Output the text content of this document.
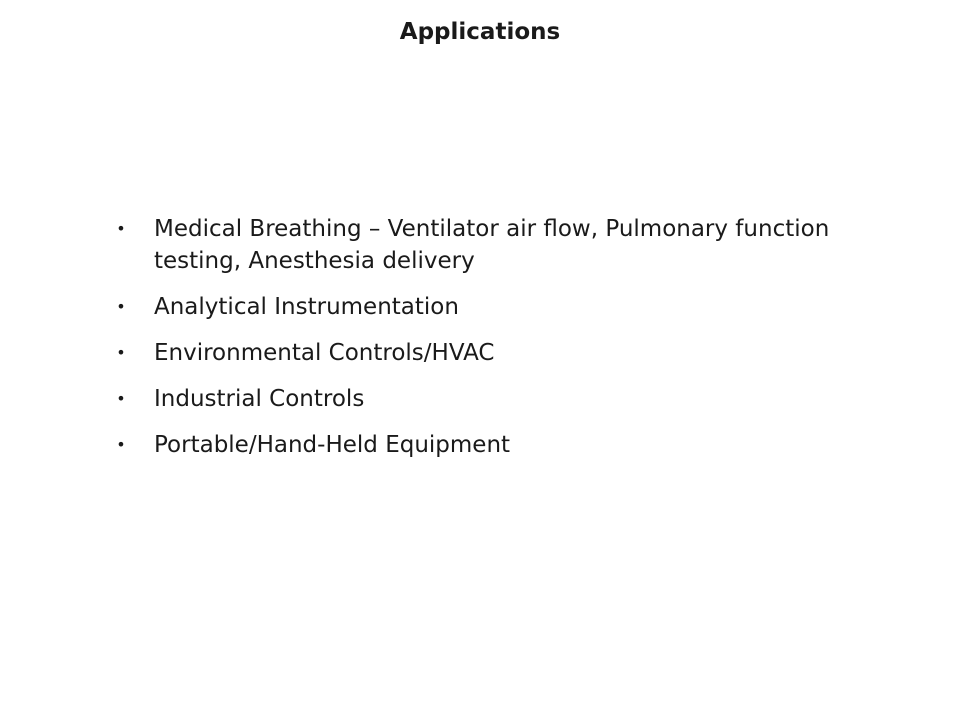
Applications
• Medical Breathing – Ventilator air flow, Pulmonary function testing, Anesthesia delivery
• Analytical Instrumentation
• Environmental Controls/HVAC
• Industrial Controls
• Portable/Hand-Held Equipment
